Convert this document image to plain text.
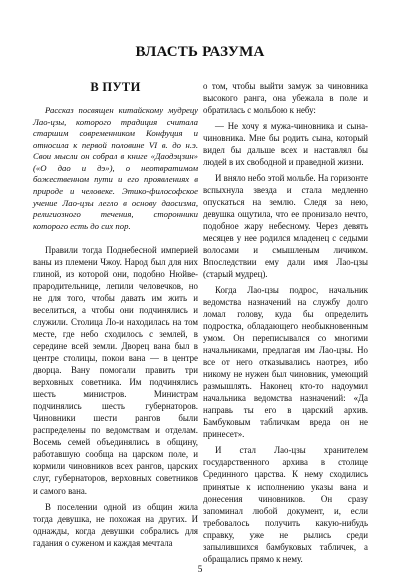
ВЛАСТЬ РАЗУМА
В ПУТИ

Рассказ посвящен китайскому мудрецу Лао-цзы, которого традиция считала старшим современником Конфуция и относила к первой половине VI в. до н.э. Свои мысли он собрал в книге «Даодэцзин» («О дао и дэ»), о неотвратимом божественном пути и его проявлениях в природе и человеке. Этико-философское учение Лао-цзы легло в основу даосизма, религиозного течения, сторонники которого есть до сих пор.

Правили тогда Поднебесной империей ваны из племени Чжоу. Народ был для них глиной, из которой они, подобно Нюйве-прародительнице, лепили человечков, но не для того, чтобы давать им жить и веселиться, а чтобы они подчинялись и служили. Столица Ло-и находилась на том месте, где небо сходилось с землей, в середине всей земли. Дворец вана был в центре столицы, покои вана — в центре дворца. Вану помогали править три верховных советника. Им подчинялись шесть министров. Министрам подчинялись шесть губернаторов. Чиновники шести рангов были распределены по ведомствам и отделам. Восемь семей объединялись в общину, работавшую сообща на царском поле, и кормили чиновников всех рангов, царских слуг, губернаторов, верховных советников и самого вана.

В поселении одной из общин жила тогда девушка, не похожая на других. И однажды, когда девушки собрались для гадания о суженом и каждая мечтала

о том, чтобы выйти замуж за чиновника высокого ранга, она убежала в поле и обратилась с мольбою к небу:

— Не хочу я мужа-чиновника и сына-чиновника. Мне бы родить сына, который видел бы дальше всех и наставлял бы людей в их свободной и праведной жизни.

И вняло небо этой мольбе. На горизонте вспыхнула звезда и стала медленно опускаться на землю. Следя за нею, девушка ощутила, что ее пронизало нечто, подобное жару небесному. Через девять месяцев у нее родился младенец с седыми волосами и смышленым личиком. Впоследствии ему дали имя Лао-цзы (старый мудрец).

Когда Лао-цзы подрос, начальник ведомства назначений на службу долго ломал голову, куда бы определить подростка, обладающего необыкновенным умом. Он переписывался со многими начальниками, предлагая им Лао-цзы. Но все от него отказывались наотрез, ибо никому не нужен был чиновник, умеющий размышлять. Наконец кто-то надоумил начальника ведомства назначений: «Да направь ты его в царский архив. Бамбуковым табличкам вреда он не принесет».

И стал Лао-цзы хранителем государственного архива в столице Срединного царства. К нему сходились принятые к исполнению указы вана и донесения чиновников. Он сразу запоминал любой документ, и, если требовалось получить какую-нибудь справку, уже не рылись среди запылившихся бамбуковых табличек, а обращались прямо к нему.

5
